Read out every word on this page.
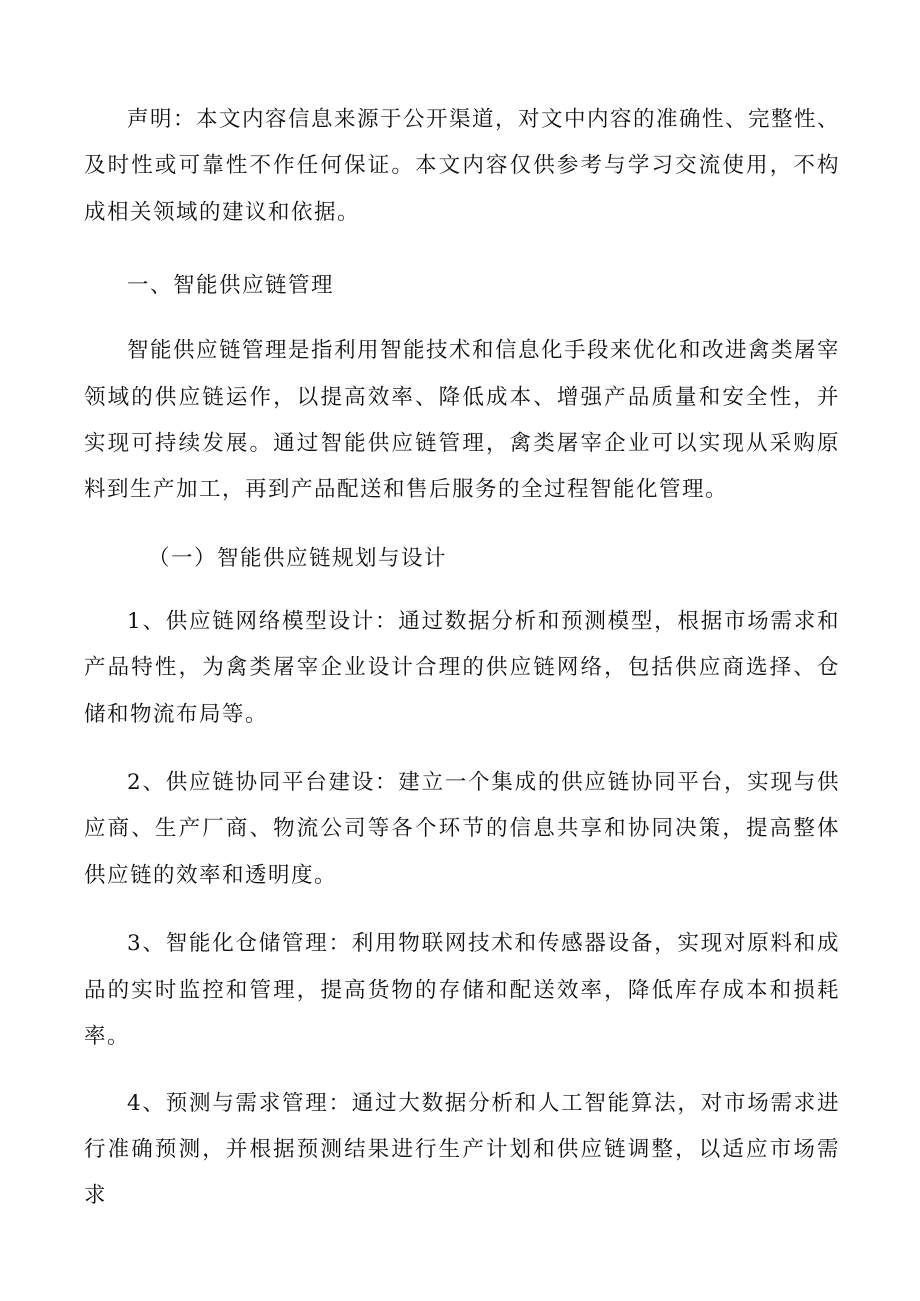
声明：本文内容信息来源于公开渠道，对文中内容的准确性、完整性、及时性或可靠性不作任何保证。本文内容仅供参考与学习交流使用，不构成相关领域的建议和依据。

一、智能供应链管理

智能供应链管理是指利用智能技术和信息化手段来优化和改进禽类屠宰领域的供应链运作，以提高效率、降低成本、增强产品质量和安全性，并实现可持续发展。通过智能供应链管理，禽类屠宰企业可以实现从采购原料到生产加工，再到产品配送和售后服务的全过程智能化管理。

（一）智能供应链规划与设计

1、供应链网络模型设计：通过数据分析和预测模型，根据市场需求和产品特性，为禽类屠宰企业设计合理的供应链网络，包括供应商选择、仓储和物流布局等。

2、供应链协同平台建设：建立一个集成的供应链协同平台，实现与供应商、生产厂商、物流公司等各个环节的信息共享和协同决策，提高整体供应链的效率和透明度。

3、智能化仓储管理：利用物联网技术和传感器设备，实现对原料和成品的实时监控和管理，提高货物的存储和配送效率，降低库存成本和损耗率。

4、预测与需求管理：通过大数据分析和人工智能算法，对市场需求进行准确预测，并根据预测结果进行生产计划和供应链调整，以适应市场需求
